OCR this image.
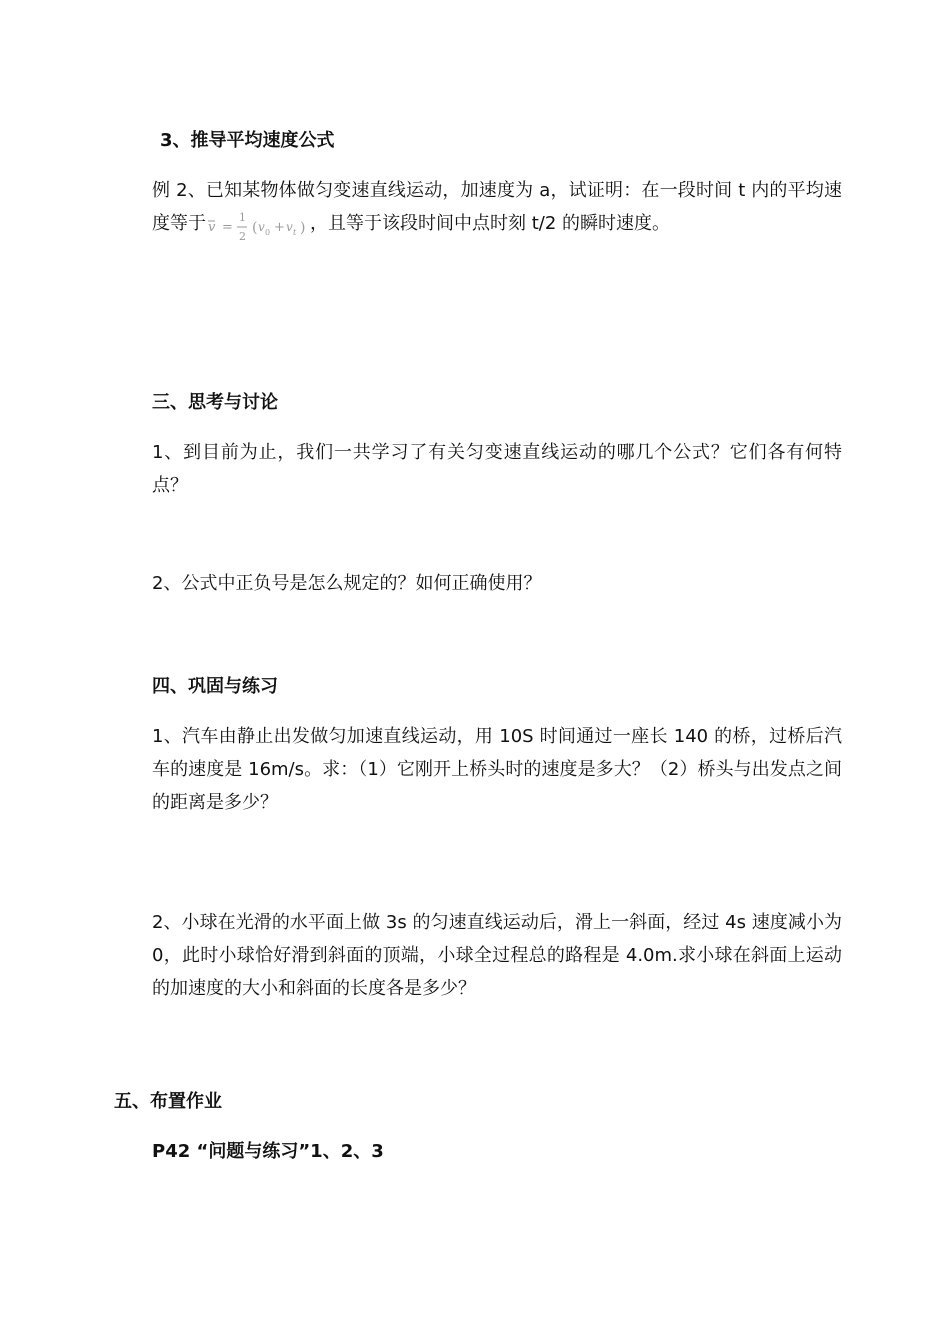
3、推导平均速度公式
例 2、已知某物体做匀变速直线运动，加速度为 a，试证明：在一段时间 t 内的平均速度等于 v =
1
2
( v 0 + v t ) ，且等于该段时间中点时刻 t/2 的瞬时速度。
三、思考与讨论
1、到目前为止，我们一共学习了有关匀变速直线运动的哪几个公式？它们各有何特点？
2、公式中正负号是怎么规定的？如何正确使用？
四、巩固与练习
1、汽车由静止出发做匀加速直线运动，用 10S 时间通过一座长 140 的桥，过桥后汽车的速度是 16m/s。求：（1）它刚开上桥头时的速度是多大？（2）桥头与出发点之间的距离是多少？
2、小球在光滑的水平面上做 3s 的匀速直线运动后，滑上一斜面，经过 4s 速度减小为 0，此时小球恰好滑到斜面的顶端，小球全过程总的路程是 4.0m.求小球在斜面上运动的加速度的大小和斜面的长度各是多少？
五、布置作业
P42 “问题与练习”1、2、3
